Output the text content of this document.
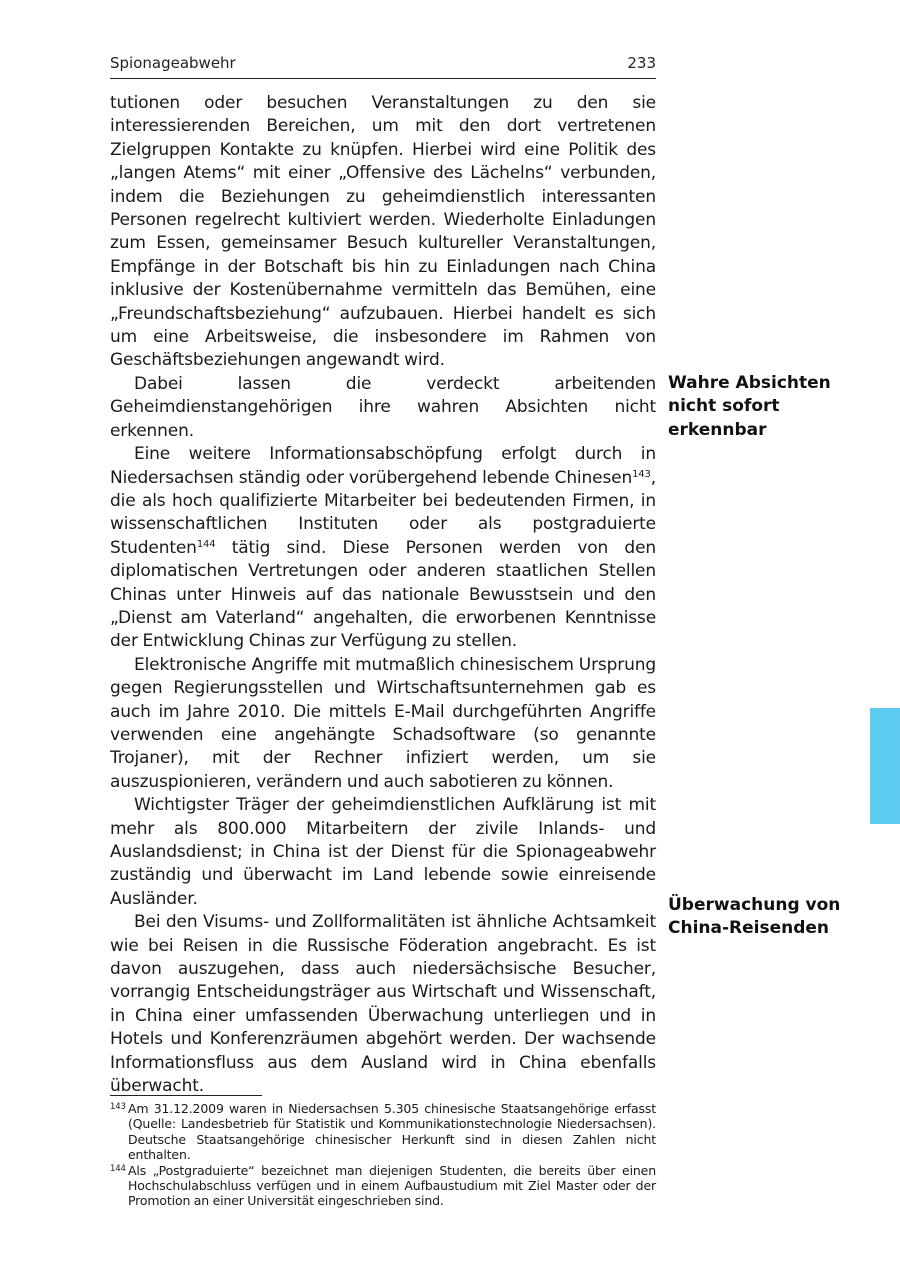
Spionageabwehr	233

tutionen oder besuchen Veranstaltungen zu den sie interessierenden Bereichen, um mit den dort vertretenen Zielgruppen Kontakte zu knüpfen. Hierbei wird eine Politik des „langen Atems“ mit einer „Offensive des Lächelns“ verbunden, indem die Beziehungen zu geheimdienstlich interessanten Personen regelrecht kultiviert werden. Wiederholte Einladungen zum Essen, gemeinsamer Besuch kultureller Veranstaltungen, Empfänge in der Botschaft bis hin zu Einladungen nach China inklusive der Kostenübernahme vermitteln das Bemühen, eine „Freundschaftsbeziehung“ aufzubauen. Hierbei handelt es sich um eine Arbeitsweise, die insbesondere im Rahmen von Geschäftsbeziehungen angewandt wird.

Dabei lassen die verdeckt arbeitenden Geheimdienstangehörigen ihre wahren Absichten nicht erkennen.

Eine weitere Informationsabschöpfung erfolgt durch in Niedersachsen ständig oder vorübergehend lebende Chinesen$^{143}$, die als hoch qualifizierte Mitarbeiter bei bedeutenden Firmen, in wissenschaftlichen Instituten oder als postgraduierte Studenten$^{144}$ tätig sind. Diese Personen werden von den diplomatischen Vertretungen oder anderen staatlichen Stellen Chinas unter Hinweis auf das nationale Bewusstsein und den „Dienst am Vaterland“ angehalten, die erworbenen Kenntnisse der Entwicklung Chinas zur Verfügung zu stellen.

Elektronische Angriffe mit mutmaßlich chinesischem Ursprung gegen Regierungsstellen und Wirtschaftsunternehmen gab es auch im Jahre 2010. Die mittels E-Mail durchgeführten Angriffe verwenden eine angehängte Schadsoftware (so genannte Trojaner), mit der Rechner infiziert werden, um sie auszuspionieren, verändern und auch sabotieren zu können.

Wichtigster Träger der geheimdienstlichen Aufklärung ist mit mehr als 800.000 Mitarbeitern der zivile Inlands- und Auslandsdienst; in China ist der Dienst für die Spionageabwehr zuständig und überwacht im Land lebende sowie einreisende Ausländer.

Bei den Visums- und Zollformalitäten ist ähnliche Achtsamkeit wie bei Reisen in die Russische Föderation angebracht. Es ist davon auszugehen, dass auch niedersächsische Besucher, vorrangig Entscheidungsträger aus Wirtschaft und Wissenschaft, in China einer umfassenden Überwachung unterliegen und in Hotels und Konferenzräumen abgehört werden. Der wachsende Informationsfluss aus dem Ausland wird in China ebenfalls überwacht.

Wahre Absichten
nicht sofort
erkennbar
Überwachung von
China-Reisenden
143 Am 31.12.2009 waren in Niedersachsen 5.305 chinesische Staatsangehörige erfasst (Quelle: Landesbetrieb für Statistik und Kommunikationstechnologie Niedersachsen). Deutsche Staatsangehörige chinesischer Herkunft sind in diesen Zahlen nicht enthalten.
144 Als „Postgraduierte“ bezeichnet man diejenigen Studenten, die bereits über einen Hochschulabschluss verfügen und in einem Aufbaustudium mit Ziel Master oder der Promotion an einer Universität eingeschrieben sind.
